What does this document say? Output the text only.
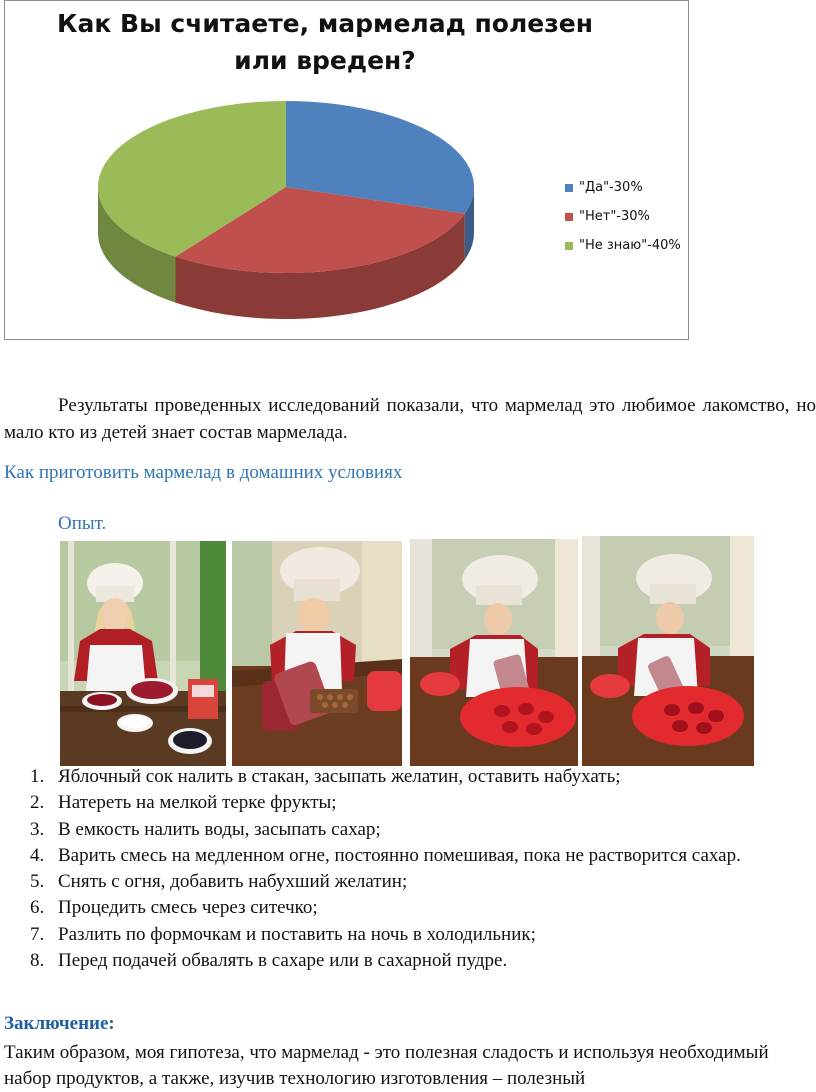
Как Вы считаете, мармелад полезен или вреден?
"Да"-30%
"Нет"-30%
"Не знаю"-40%
Результаты проведенных исследований показали, что мармелад это любимое лакомство, но мало кто из детей знает состав мармелада.
Как приготовить мармелад в домашних условиях
Опыт.
1. Яблочный сок налить в стакан, засыпать желатин, оставить набухать;
2. Натереть на мелкой терке фрукты;
3. В емкость налить воды, засыпать сахар;
4. Варить смесь на медленном огне, постоянно помешивая, пока не растворится сахар.
5. Снять с огня, добавить набухший желатин;
6. Процедить смесь через ситечко;
7. Разлить по формочкам и поставить на ночь в холодильник;
8. Перед подачей обвалять в сахаре или в сахарной пудре.
Заключение:
Таким образом, моя гипотеза, что мармелад - это полезная сладость и используя необходимый набор продуктов, а также, изучив технологию изготовления – полезный
